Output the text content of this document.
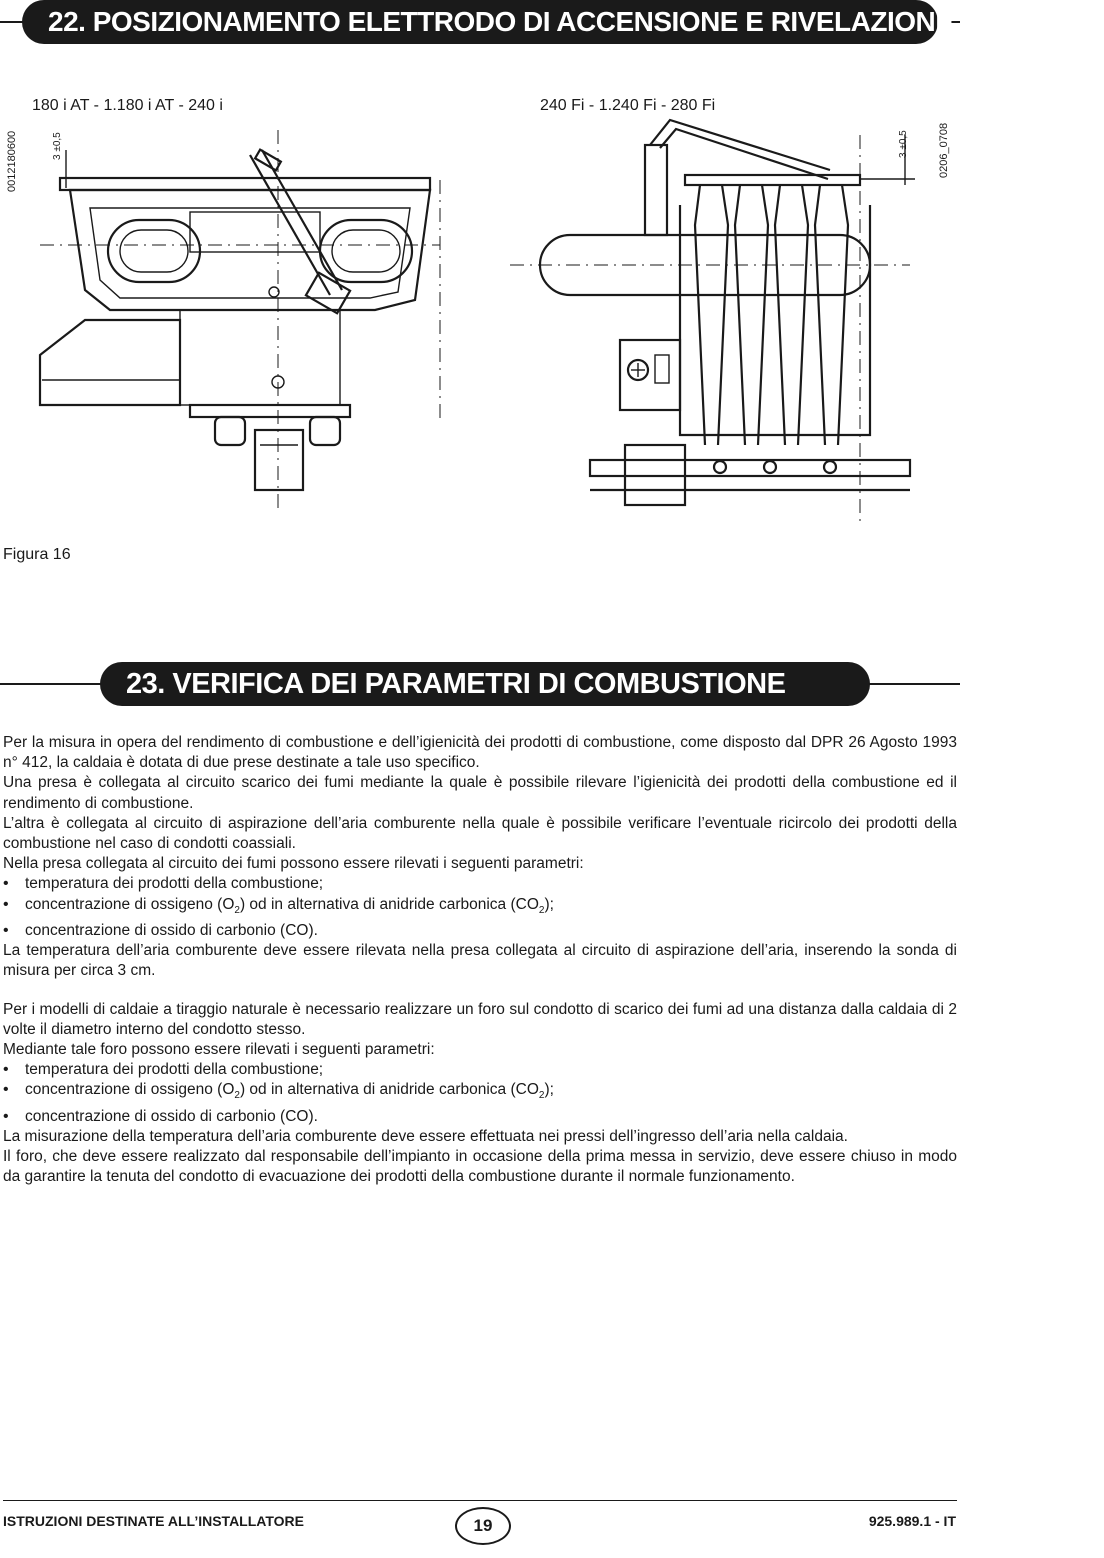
22. POSIZIONAMENTO ELETTRODO DI ACCENSIONE E RIVELAZIONE DI FIAMMA
180 i AT - 1.180 i AT - 240 i	240 Fi - 1.240 Fi - 280 Fi
0012180600	0206_0708
3 ±0,5	3 ±0,5
Figura 16
23. VERIFICA DEI PARAMETRI DI COMBUSTIONE

Per la misura in opera del rendimento di combustione e dell’igienicità dei prodotti di combustione, come disposto dal DPR 26 Agosto 1993 n° 412, la caldaia è dotata di due prese destinate a tale uso specifico.

Una presa è collegata al circuito scarico dei fumi mediante la quale è possibile rilevare l’igienicità dei prodotti della combustione ed il rendimento di combustione.

L’altra è collegata al circuito di aspirazione dell’aria comburente nella quale è possibile verificare l’eventuale ricircolo dei prodotti della combustione nel caso di condotti coassiali.

Nella presa collegata al circuito dei fumi possono essere rilevati i seguenti parametri:

• temperatura dei prodotti della combustione;
• concentrazione di ossigeno $(O_2)$ od in alternativa di anidride carbonica $(CO_2)$;
• concentrazione di ossido di carbonio (CO).

La temperatura dell’aria comburente deve essere rilevata nella presa collegata al circuito di aspirazione dell’aria, inserendo la sonda di misura per circa 3 cm.

Per i modelli di caldaie a tiraggio naturale è necessario realizzare un foro sul condotto di scarico dei fumi ad una distanza dalla caldaia di 2 volte il diametro interno del condotto stesso.

Mediante tale foro possono essere rilevati i seguenti parametri:

• temperatura dei prodotti della combustione;
• concentrazione di ossigeno $(O_2)$ od in alternativa di anidride carbonica $(CO_2)$;
• concentrazione di ossido di carbonio (CO).

La misurazione della temperatura dell’aria comburente deve essere effettuata nei pressi dell’ingresso dell’aria nella caldaia.

Il foro, che deve essere realizzato dal responsabile dell’impianto in occasione della prima messa in servizio, deve essere chiuso in modo da garantire la tenuta del condotto di evacuazione dei prodotti della combustione durante il normale funzionamento.

ISTRUZIONI DESTINATE ALL’INSTALLATORE	19	925.989.1 - IT
